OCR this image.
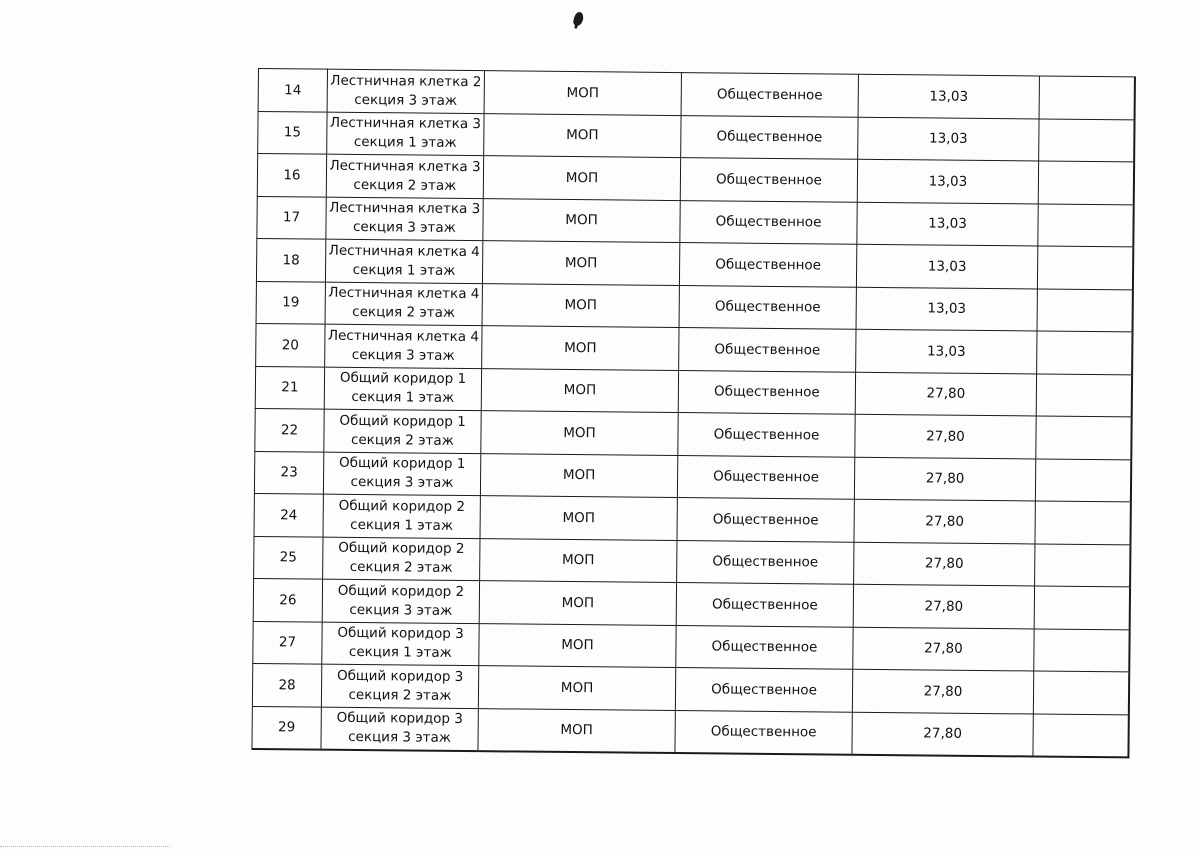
14	Лестничная клетка 2
секция 3 этаж	МОП	Общественное	13,03	
15	Лестничная клетка 3
секция 1 этаж	МОП	Общественное	13,03	
16	Лестничная клетка 3
секция 2 этаж	МОП	Общественное	13,03	
17	Лестничная клетка 3
секция 3 этаж	МОП	Общественное	13,03	
18	Лестничная клетка 4
секция 1 этаж	МОП	Общественное	13,03	
19	Лестничная клетка 4
секция 2 этаж	МОП	Общественное	13,03	
20	Лестничная клетка 4
секция 3 этаж	МОП	Общественное	13,03	
21	Общий коридор 1
секция 1 этаж	МОП	Общественное	27,80	
22	Общий коридор 1
секция 2 этаж	МОП	Общественное	27,80	
23	Общий коридор 1
секция 3 этаж	МОП	Общественное	27,80	
24	Общий коридор 2
секция 1 этаж	МОП	Общественное	27,80	
25	Общий коридор 2
секция 2 этаж	МОП	Общественное	27,80	
26	Общий коридор 2
секция 3 этаж	МОП	Общественное	27,80	
27	Общий коридор 3
секция 1 этаж	МОП	Общественное	27,80	
28	Общий коридор 3
секция 2 этаж	МОП	Общественное	27,80	
29	Общий коридор 3
секция 3 этаж	МОП	Общественное	27,80	
